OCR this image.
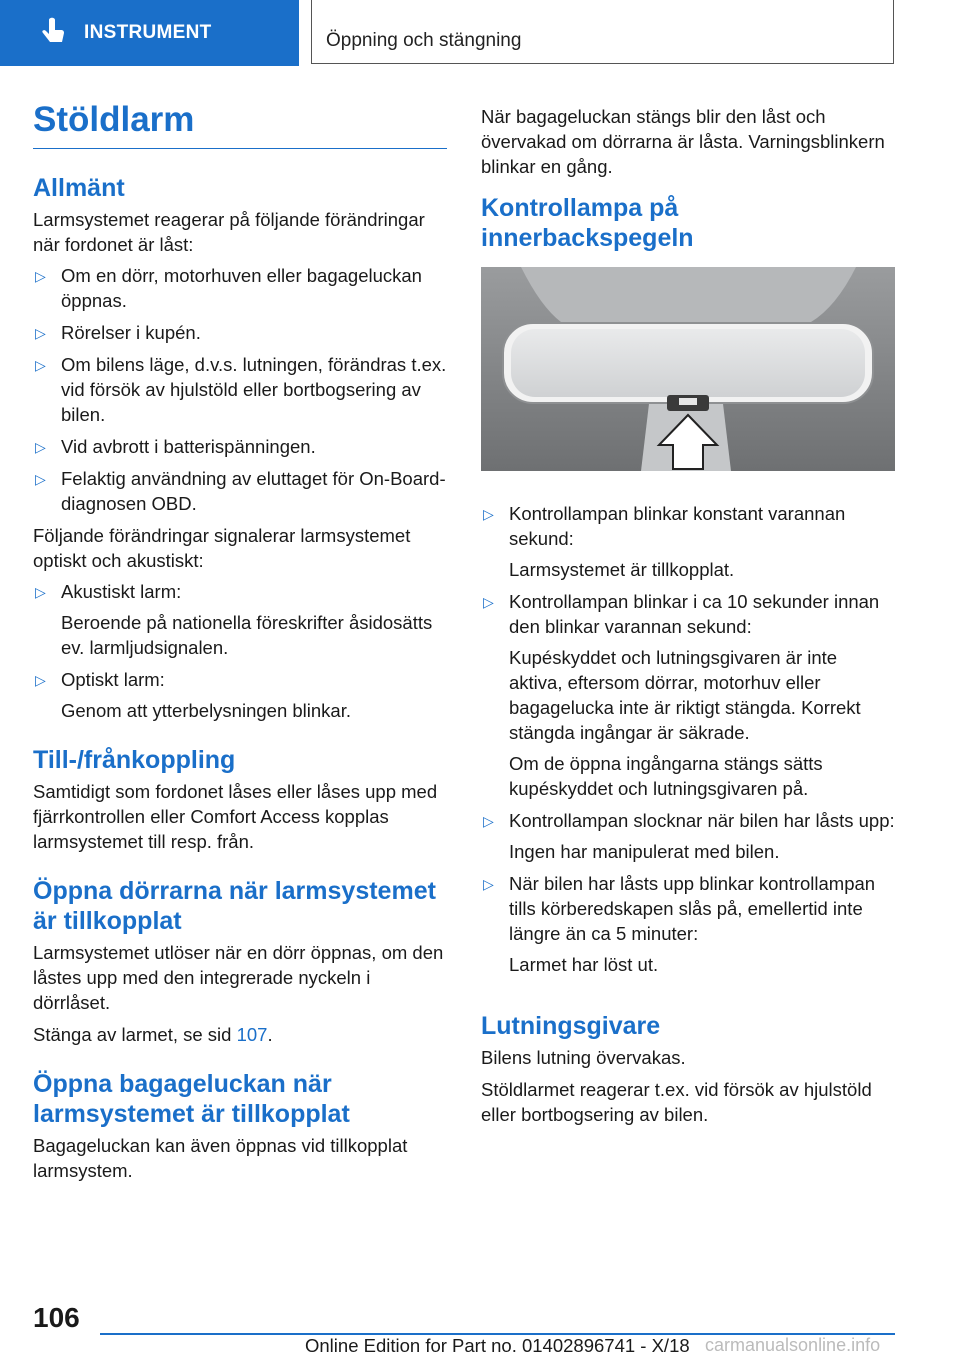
INSTRUMENT	Öppning och stängning
Stöldlarm
Allmänt

Larmsystemet reagerar på följande förändringar när fordonet är låst:

▷ Om en dörr, motorhuven eller bagageluckan öppnas.
▷ Rörelser i kupén.
▷ Om bilens läge, d.v.s. lutningen, förändras t.ex. vid försök av hjulstöld eller bortbogsering av bilen.
▷ Vid avbrott i batterispänningen.
▷ Felaktig användning av eluttaget för On-Board-diagnosen OBD.

Följande förändringar signalerar larmsystemet optiskt och akustiskt:

▷ Akustiskt larm:
Beroende på nationella föreskrifter åsidosätts ev. larmljudsignalen.
▷ Optiskt larm:
Genom att ytterbelysningen blinkar.
Till-/frånkoppling

Samtidigt som fordonet låses eller låses upp med fjärrkontrollen eller Comfort Access kopplas larmsystemet till resp. från.

Öppna dörrarna när larmsystemet är tillkopplat

Larmsystemet utlöser när en dörr öppnas, om den låstes upp med den integrerade nyckeln i dörrlåset.

Stänga av larmet, se sid 107.

Öppna bagageluckan när larmsystemet är tillkopplat

Bagageluckan kan även öppnas vid tillkopplat larmsystem.

När bagageluckan stängs blir den låst och övervakad om dörrarna är låsta. Varningsblinkern blinkar en gång.

Kontrollampa på innerbackspegeln
▷ Kontrollampan blinkar konstant varannan sekund:
Larmsystemet är tillkopplat.
▷ Kontrollampan blinkar i ca 10 sekunder innan den blinkar varannan sekund:
Kupéskyddet och lutningsgivaren är inte aktiva, eftersom dörrar, motorhuv eller bagagelucka inte är riktigt stängda. Korrekt stängda ingångar är säkrade.
Om de öppna ingångarna stängs sätts kupéskyddet och lutningsgivaren på.
▷ Kontrollampan slocknar när bilen har låsts upp:
Ingen har manipulerat med bilen.
▷ När bilen har låsts upp blinkar kontrollampan tills körberedskapen slås på, emellertid inte längre än ca 5 minuter:
Larmet har löst ut.
Lutningsgivare

Bilens lutning övervakas.

Stöldlarmet reagerar t.ex. vid försök av hjulstöld eller bortbogsering av bilen.

106
Online Edition for Part no. 01402896741 - X/18 carmanualsonline.info
